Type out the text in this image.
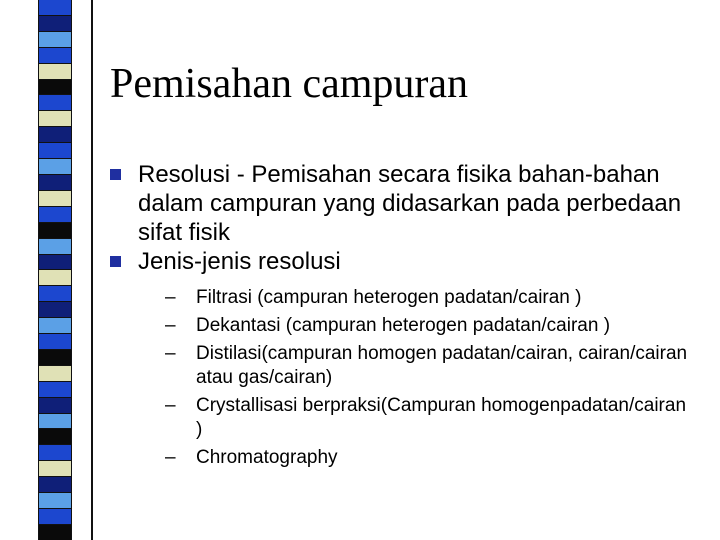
Pemisahan campuran
Resolusi - Pemisahan secara fisika bahan-bahan dalam campuran yang didasarkan pada perbedaan sifat fisik
Jenis-jenis resolusi
– Filtrasi (campuran heterogen padatan/cairan )
– Dekantasi (campuran heterogen padatan/cairan )
– Distilasi(campuran homogen padatan/cairan, cairan/cairan atau gas/cairan)
– Crystallisasi berpraksi(Campuran homogenpadatan/cairan )
– Chromatography
